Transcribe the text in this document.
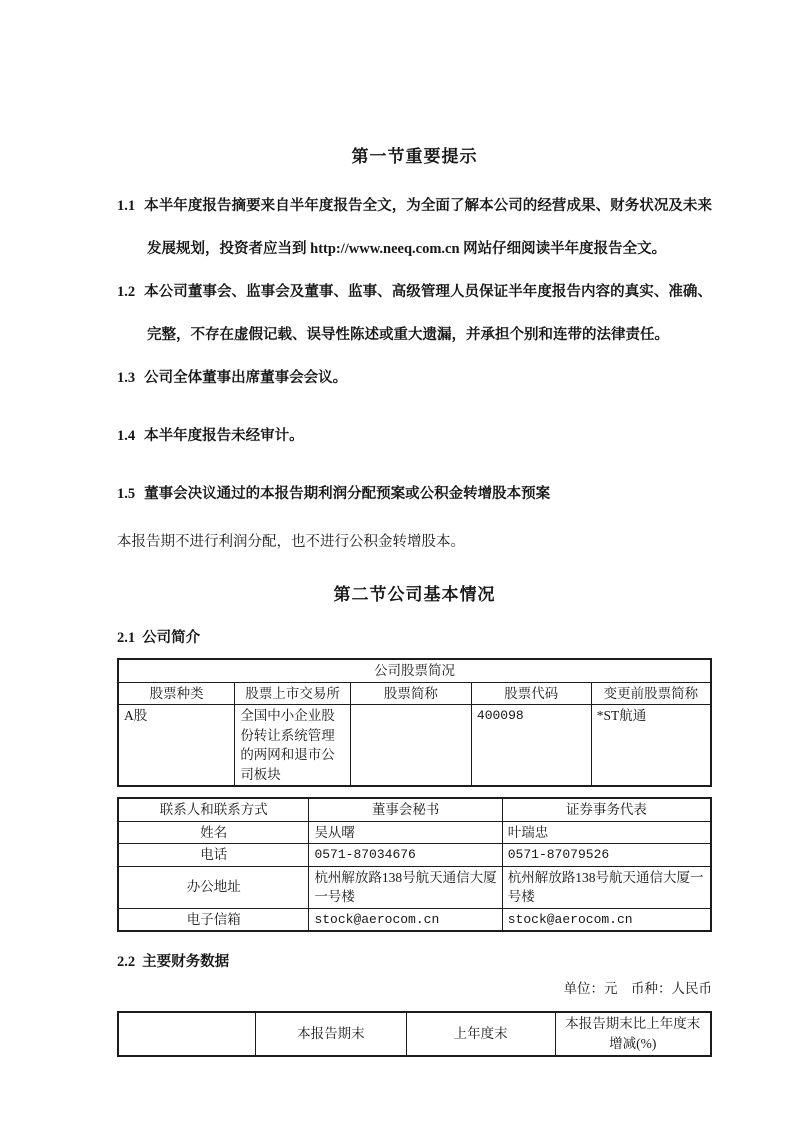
第一节重要提示

1.1 本半年度报告摘要来自半年度报告全文，为全面了解本公司的经营成果、财务状况及未来发展规划，投资者应当到 http://www.neeq.com.cn 网站仔细阅读半年度报告全文。

1.2 本公司董事会、监事会及董事、监事、高级管理人员保证半年度报告内容的真实、准确、完整，不存在虚假记载、误导性陈述或重大遗漏，并承担个别和连带的法律责任。

1.3 公司全体董事出席董事会会议。

1.4 本半年度报告未经审计。

1.5 董事会决议通过的本报告期利润分配预案或公积金转增股本预案

本报告期不进行利润分配，也不进行公积金转增股本。

第二节公司基本情况
2.1 公司简介
公司股票简况				
股票种类	股票上市交易所	股票简称	股票代码	变更前股票简称
A股	全国中小企业股份转让系统管理的两网和退市公司板块		400098	*ST航通
联系人和联系方式	董事会秘书	证券事务代表
姓名	吴从曙	叶瑞忠
电话	0571-87034676	0571-87079526
办公地址	杭州解放路138号航天通信大厦一号楼	杭州解放路138号航天通信大厦一号楼
电子信箱	stock@aerocom.cn	stock@aerocom.cn
2.2 主要财务数据

单位：元　币种：人民币

	本报告期末	上年度末	本报告期末比上年度末增减(%)
